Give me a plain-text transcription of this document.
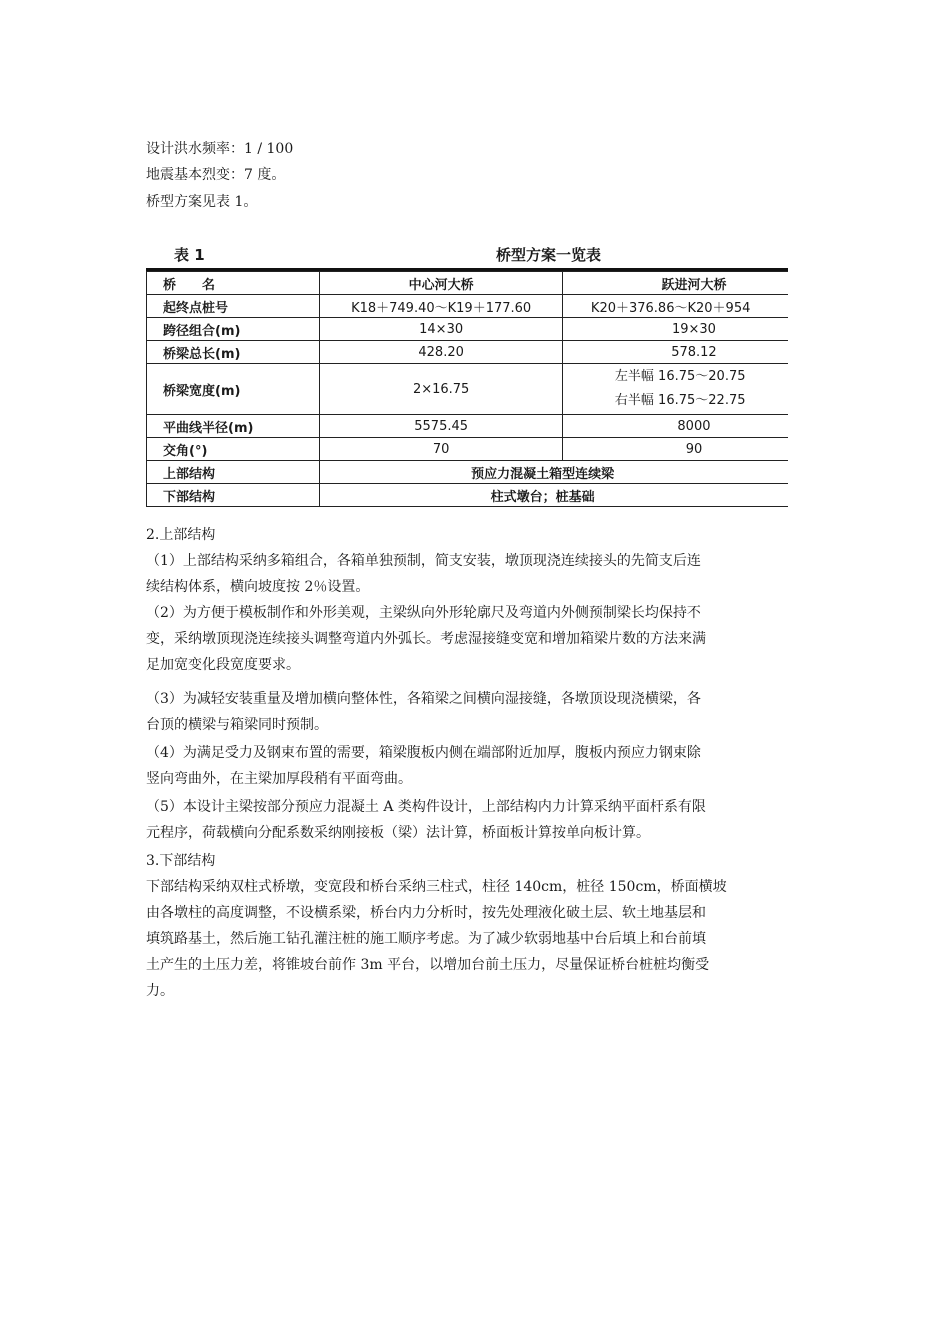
设计洪水频率：1 / 100
地震基本烈变：7 度。
桥型方案见表 1。
表 1	桥型方案一览表
桥　　名	中心河大桥	跃进河大桥
起终点桩号	K18＋749.40～K19＋177.60	K20＋376.86～K20＋954
跨径组合(m)	14×30	19×30
桥梁总长(m)	428.20	578.12
桥梁宽度(m)	2×16.75	左半幅 16.75～20.75
右半幅 16.75～22.75

平曲线半径(m)	5575.45	8000
交角(°)	70	90
上部结构	预应力混凝土箱型连续梁	
下部结构	柱式墩台；桩基础	
2.上部结构
（1）上部结构采纳多箱组合，各箱单独预制，简支安装，墩顶现浇连续接头的先简支后连
续结构体系，横向坡度按 2％设置。
（2）为方便于模板制作和外形美观，主梁纵向外形轮廓尺及弯道内外侧预制梁长均保持不
变，采纳墩顶现浇连续接头调整弯道内外弧长。考虑湿接缝变宽和增加箱梁片数的方法来满
足加宽变化段宽度要求。
（3）为减轻安装重量及增加横向整体性，各箱梁之间横向湿接缝，各墩顶设现浇横梁，各
台顶的横梁与箱梁同时预制。
（4）为满足受力及钢束布置的需要，箱梁腹板内侧在端部附近加厚，腹板内预应力钢束除
竖向弯曲外，在主梁加厚段稍有平面弯曲。
（5）本设计主梁按部分预应力混凝土 A 类构件设计，上部结构内力计算采纳平面杆系有限
元程序，荷载横向分配系数采纳刚接板（梁）法计算，桥面板计算按单向板计算。
3.下部结构
下部结构采纳双柱式桥墩，变宽段和桥台采纳三柱式，柱径 140cm，桩径 150cm，桥面横坡
由各墩柱的高度调整，不设横系梁，桥台内力分析时，按先处理液化破土层、软土地基层和
填筑路基土，然后施工钻孔灌注桩的施工顺序考虑。为了减少软弱地基中台后填上和台前填
土产生的土压力差，将锥坡台前作 3m 平台，以增加台前土压力，尽量保证桥台桩桩均衡受
力。
